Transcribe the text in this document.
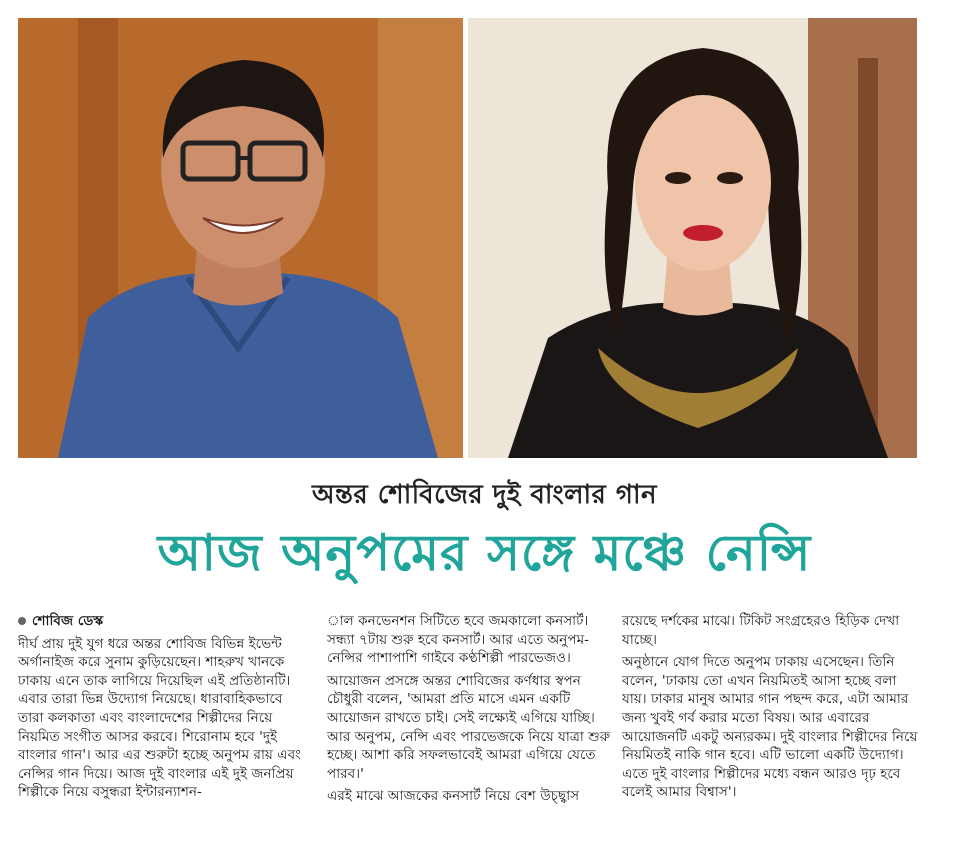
অন্তর শোবিজের দুই বাংলার গান
আজ অনুপমের সঙ্গে মঞ্চে নেন্সি

শোবিজ ডেস্ক

দীর্ঘ প্রায় দুই যুগ ধরে অন্তর শোবিজ বিভিন্ন ইভেন্ট অর্গানাইজ করে সুনাম কুড়িয়েছেন। শাহরুখ খানকে ঢাকায় এনে তাক লাগিয়ে দিয়েছিল এই প্রতিষ্ঠানটি। এবার তারা ভিন্ন উদ্যোগ নিয়েছে। ধারাবাহিকভাবে তারা কলকাতা এবং বাংলাদেশের শিল্পীদের নিয়ে নিয়মিত সংগীত আসর করবে। শিরোনাম হবে 'দুই বাংলার গান'। আর এর শুরুটা হচ্ছে অনুপম রায় এবং নেন্সির গান দিয়ে। আজ দুই বাংলার এই দুই জনপ্রিয় শিল্পীকে নিয়ে বসুন্ধরা ইন্টারন্যাশন-

াল কনভেনশন সিটিতে হবে জমকালো কনসার্ট। সন্ধ্যা ৭টায় শুরু হবে কনসার্ট। আর এতে অনুপম-নেন্সির পাশাপাশি গাইবে কণ্ঠশিল্পী পারভেজও।

আয়োজন প্রসঙ্গে অন্তর শোবিজের কর্ণধার স্বপন চৌধুরী বলেন, 'আমরা প্রতি মাসে এমন একটি আয়োজন রাখতে চাই। সেই লক্ষ্যেই এগিয়ে যাচ্ছি। আর অনুপম, নেন্সি এবং পারভেজকে নিয়ে যাত্রা শুরু হচ্ছে। আশা করি সফলভাবেই আমরা এগিয়ে যেতে পারব।'

এরই মাঝে আজকের কনসার্ট নিয়ে বেশ উচ্ছ্বাস

রয়েছে দর্শকের মাঝে। টিকিট সংগ্রহেরও হিড়িক দেখা যাচ্ছে।

অনুষ্ঠানে যোগ দিতে অনুপম ঢাকায় এসেছেন। তিনি বলেন, 'ঢাকায় তো এখন নিয়মিতই আসা হচ্ছে বলা যায়। ঢাকার মানুষ আমার গান পছন্দ করে, এটা আমার জন্য খুবই গর্ব করার মতো বিষয়। আর এবারের আয়োজনটি একটু অন্যরকম। দুই বাংলার শিল্পীদের নিয়ে নিয়মিতই নাকি গান হবে। এটি ভালো একটি উদ্যোগ। এতে দুই বাংলার শিল্পীদের মধ্যে বন্ধন আরও দৃঢ় হবে বলেই আমার বিশ্বাস'।
